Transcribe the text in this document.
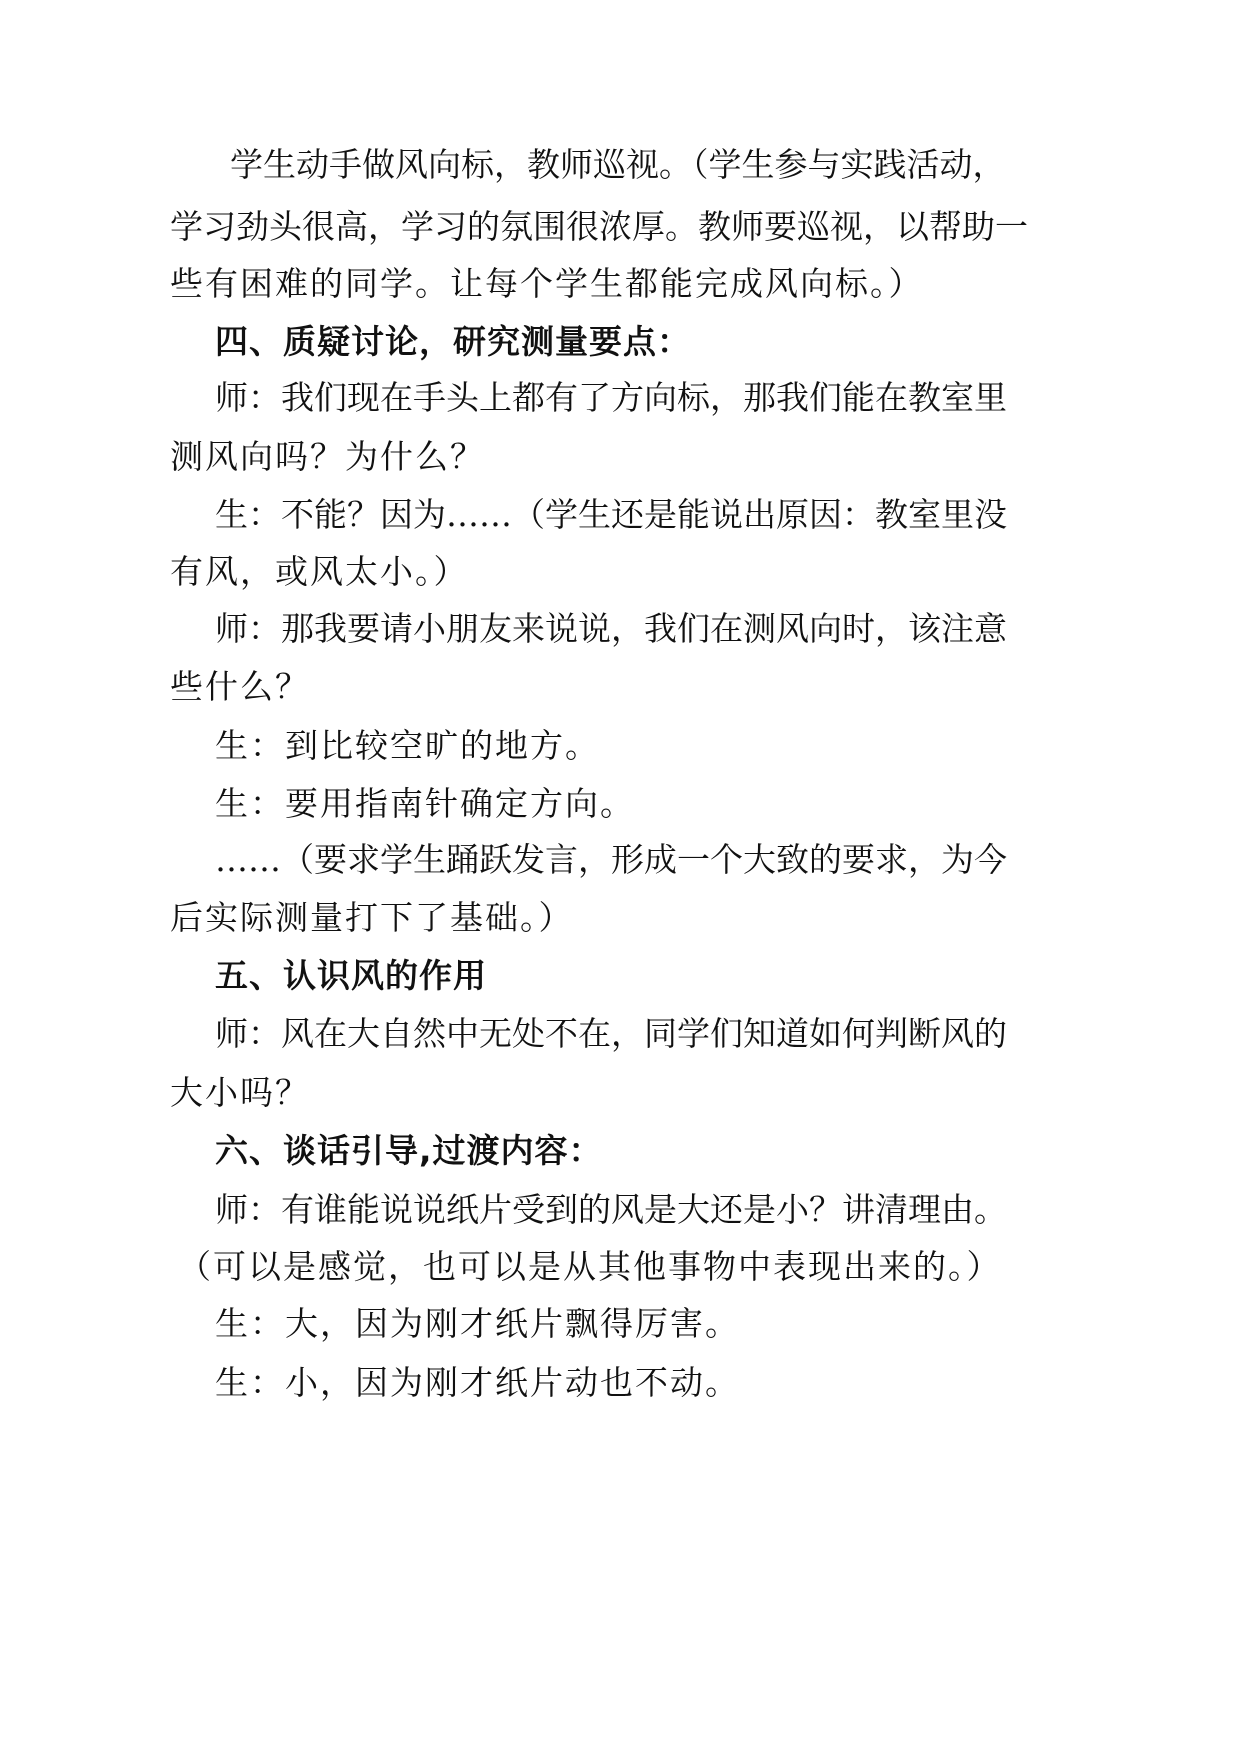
学生动手做风向标，教师巡视。（学生参与实践活动，
学习劲头很高，学习的氛围很浓厚。教师要巡视，以帮助一
些有困难的同学。让每个学生都能完成风向标。）
四、质疑讨论，研究测量要点：
师：我们现在手头上都有了方向标，那我们能在教室里
测风向吗？为什么？
生：不能？因为……（学生还是能说出原因：教室里没
有风，或风太小。）
师：那我要请小朋友来说说，我们在测风向时，该注意
些什么？
生：到比较空旷的地方。
生：要用指南针确定方向。
……（要求学生踊跃发言，形成一个大致的要求，为今
后实际测量打下了基础。）
五、认识风的作用
师：风在大自然中无处不在，同学们知道如何判断风的
大小吗？
六、谈话引导,过渡内容：
师：有谁能说说纸片受到的风是大还是小？讲清理由。
（可以是感觉，也可以是从其他事物中表现出来的。）
生：大，因为刚才纸片飘得厉害。
生：小，因为刚才纸片动也不动。
